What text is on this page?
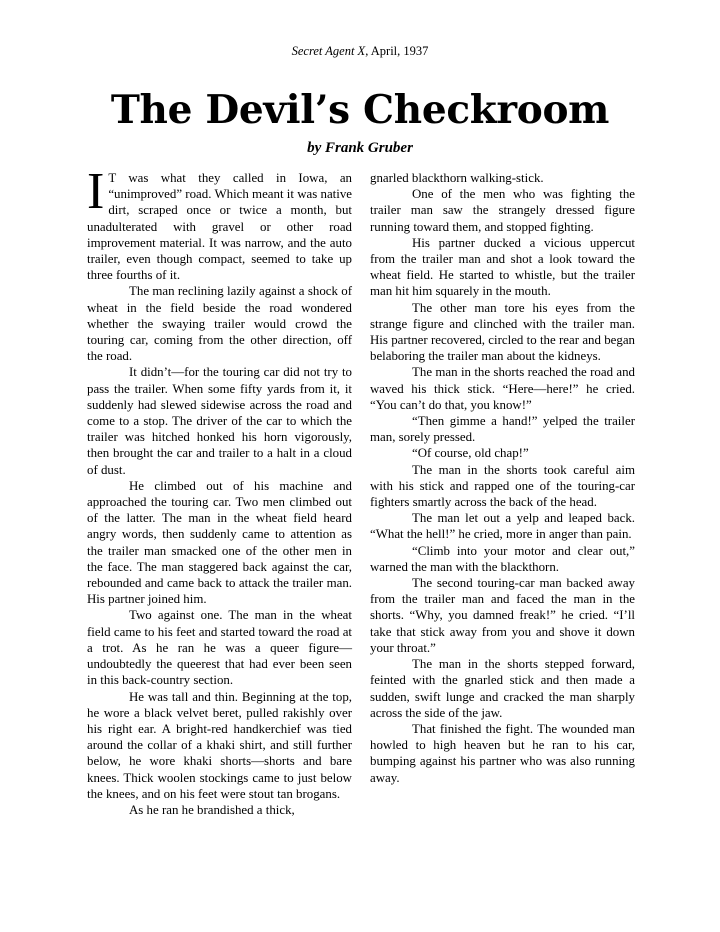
Secret Agent X, April, 1937
The Devil’s Checkroom
by Frank Gruber

I T was what they called in Iowa, an “unimproved” road. Which meant it was native dirt, scraped once or twice a month, but unadulterated with gravel or other road improvement material. It was narrow, and the auto trailer, even though compact, seemed to take up three fourths of it.

The man reclining lazily against a shock of wheat in the field beside the road wondered whether the swaying trailer would crowd the touring car, coming from the other direction, off the road.

It didn’t—for the touring car did not try to pass the trailer. When some fifty yards from it, it suddenly had slewed sidewise across the road and come to a stop. The driver of the car to which the trailer was hitched honked his horn vigorously, then brought the car and trailer to a halt in a cloud of dust.

He climbed out of his machine and approached the touring car. Two men climbed out of the latter. The man in the wheat field heard angry words, then suddenly came to attention as the trailer man smacked one of the other men in the face. The man staggered back against the car, rebounded and came back to attack the trailer man. His partner joined him.

Two against one. The man in the wheat field came to his feet and started toward the road at a trot. As he ran he was a queer figure—undoubtedly the queerest that had ever been seen in this back-country section.

He was tall and thin. Beginning at the top, he wore a black velvet beret, pulled rakishly over his right ear. A bright-red handkerchief was tied around the collar of a khaki shirt, and still further below, he wore khaki shorts—shorts and bare knees. Thick woolen stockings came to just below the knees, and on his feet were stout tan brogans.

As he ran he brandished a thick,

gnarled blackthorn walking-stick.

One of the men who was fighting the trailer man saw the strangely dressed figure running toward them, and stopped fighting.

His partner ducked a vicious uppercut from the trailer man and shot a look toward the wheat field. He started to whistle, but the trailer man hit him squarely in the mouth.

The other man tore his eyes from the strange figure and clinched with the trailer man. His partner recovered, circled to the rear and began belaboring the trailer man about the kidneys.

The man in the shorts reached the road and waved his thick stick. “Here—here!” he cried. “You can’t do that, you know!”

“Then gimme a hand!” yelped the trailer man, sorely pressed.

“Of course, old chap!”

The man in the shorts took careful aim with his stick and rapped one of the touring-car fighters smartly across the back of the head.

The man let out a yelp and leaped back. “What the hell!” he cried, more in anger than pain.

“Climb into your motor and clear out,” warned the man with the blackthorn.

The second touring-car man backed away from the trailer man and faced the man in the shorts. “Why, you damned freak!” he cried. “I’ll take that stick away from you and shove it down your throat.”

The man in the shorts stepped forward, feinted with the gnarled stick and then made a sudden, swift lunge and cracked the man sharply across the side of the jaw.

That finished the fight. The wounded man howled to high heaven but he ran to his car, bumping against his partner who was also running away.
